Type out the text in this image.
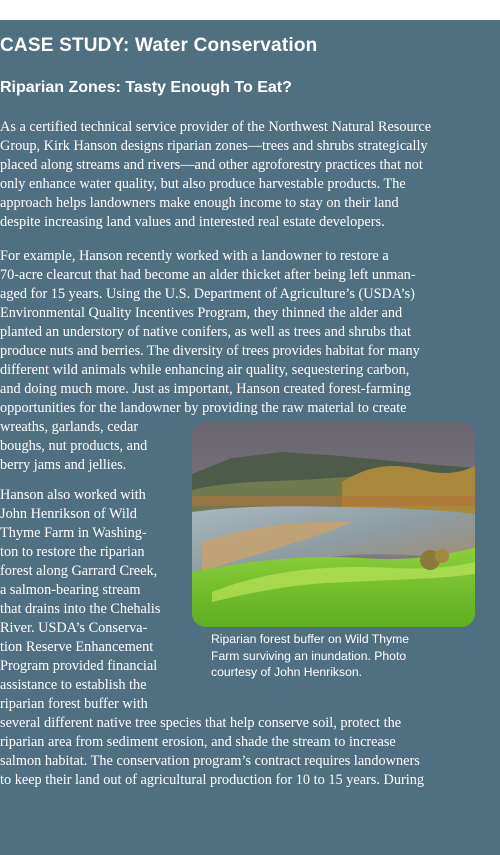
CASE STUDY: Water Conservation
Riparian Zones: Tasty Enough To Eat?
As a certified technical service provider of the Northwest Natural Resource
Group, Kirk Hanson designs riparian zones—trees and shrubs strategically
placed along streams and rivers—and other agroforestry practices that not
only enhance water quality, but also produce harvestable products. The
approach helps landowners make enough income to stay on their land
despite increasing land values and interested real estate developers.
For example, Hanson recently worked with a landowner to restore a
70-acre clearcut that had become an alder thicket after being left unman-
aged for 15 years. Using the U.S. Department of Agriculture’s (USDA’s)
Environmental Quality Incentives Program, they thinned the alder and
planted an understory of native conifers, as well as trees and shrubs that
produce nuts and berries. The diversity of trees provides habitat for many
different wild animals while enhancing air quality, sequestering carbon,
and doing much more. Just as important, Hanson created forest-farming
opportunities for the landowner by providing the raw material to create
wreaths, garlands, cedar
boughs, nut products, and
berry jams and jellies.
Hanson also worked with
John Henrikson of Wild
Thyme Farm in Washing-
ton to restore the riparian
forest along Garrard Creek,
a salmon-bearing stream
that drains into the Chehalis
River. USDA’s Conserva-
tion Reserve Enhancement
Program provided financial
assistance to establish the
riparian forest buffer with
several different native tree species that help conserve soil, protect the
riparian area from sediment erosion, and shade the stream to increase
salmon habitat. The conservation program’s contract requires landowners
to keep their land out of agricultural production for 10 to 15 years. During
Riparian forest buffer on Wild Thyme
Farm surviving an inundation. Photo
courtesy of John Henrikson.
